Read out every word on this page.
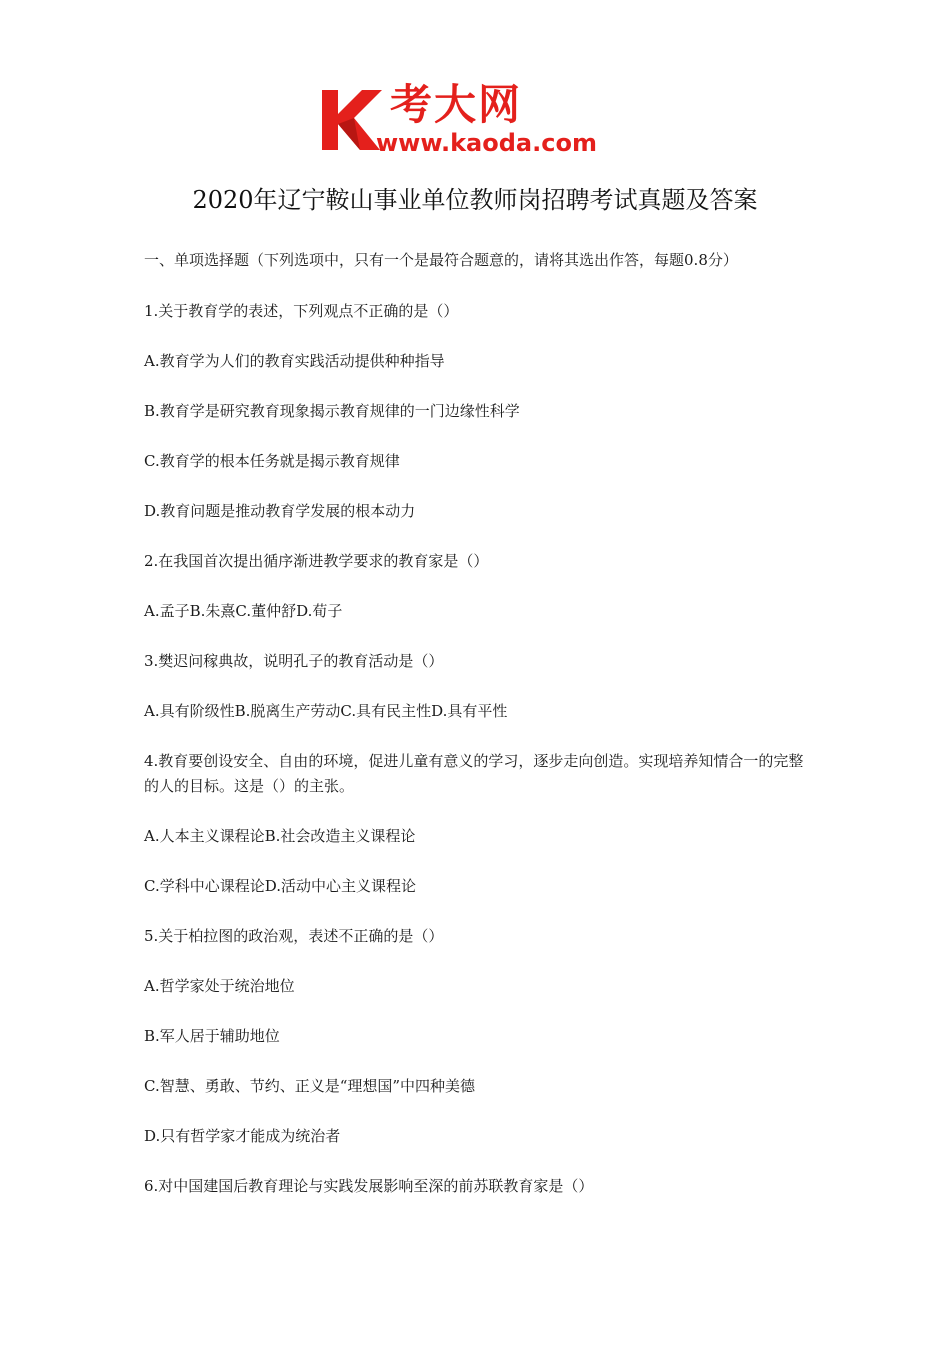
考大网
www.kaoda.com
2020年辽宁鞍山事业单位教师岗招聘考试真题及答案
一、单项选择题（下列选项中，只有一个是最符合题意的，请将其选出作答，每题0.8分）
1.关于教育学的表述，下列观点不正确的是（）
A.教育学为人们的教育实践活动提供种种指导
B.教育学是研究教育现象揭示教育规律的一门边缘性科学
C.教育学的根本任务就是揭示教育规律
D.教育问题是推动教育学发展的根本动力
2.在我国首次提出循序渐进教学要求的教育家是（）
A.孟子B.朱熹C.董仲舒D.荀子
3.樊迟问稼典故，说明孔子的教育活动是（）
A.具有阶级性B.脱离生产劳动C.具有民主性D.具有平性
4.教育要创设安全、自由的环境，促进儿童有意义的学习，逐步走向创造。实现培养知情合一的完整的人的目标。这是（）的主张。
A.人本主义课程论B.社会改造主义课程论
C.学科中心课程论D.活动中心主义课程论
5.关于柏拉图的政治观，表述不正确的是（）
A.哲学家处于统治地位
B.军人居于辅助地位
C.智慧、勇敢、节约、正义是“理想国”中四种美德
D.只有哲学家才能成为统治者
6.对中国建国后教育理论与实践发展影响至深的前苏联教育家是（）
